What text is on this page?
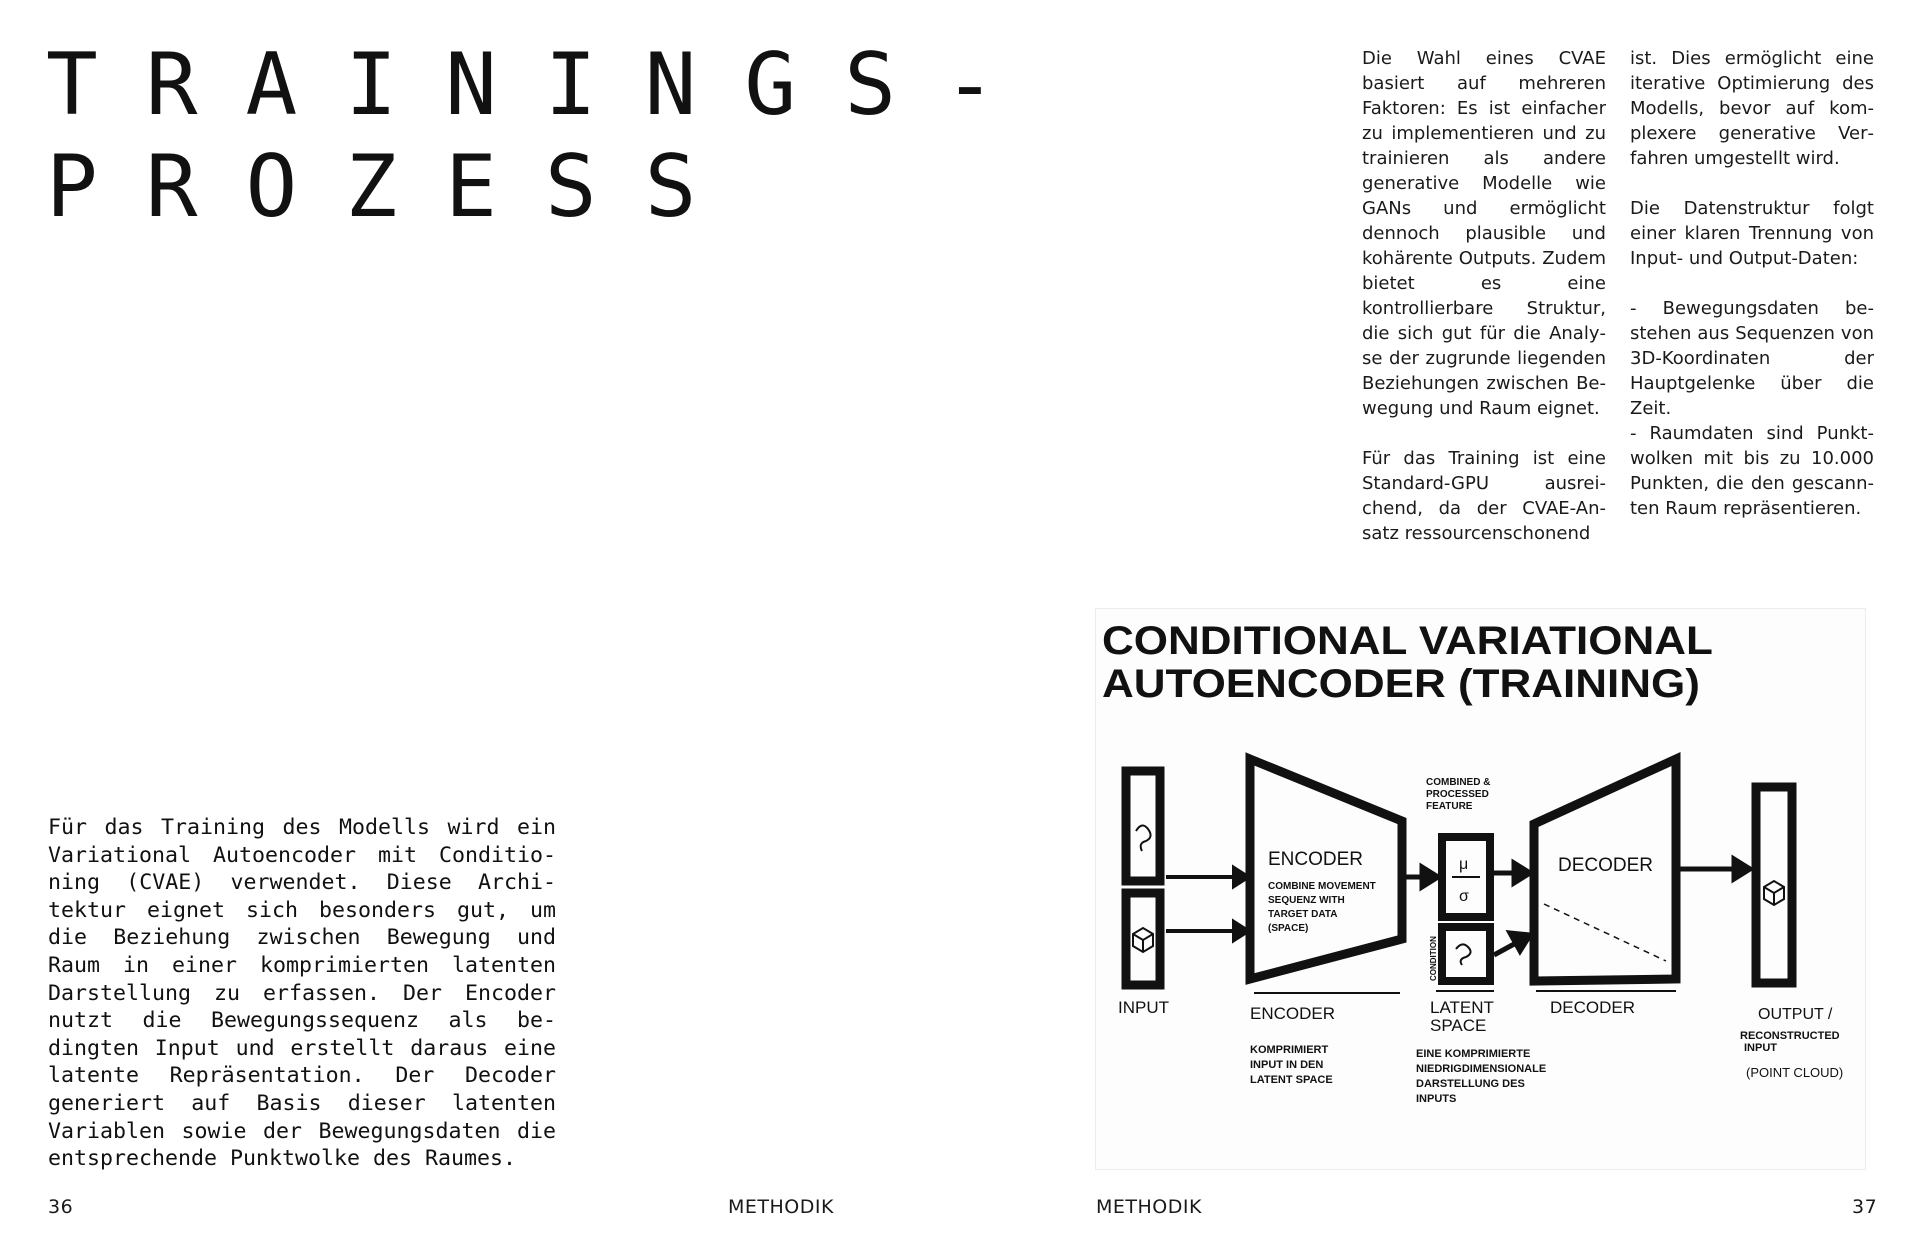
TRAININGS-
PROZESS

Für das Training des Modells wird ein Variational Autoencoder mit Conditioning (CVAE) verwendet. Diese Architektur eignet sich besonders gut, um die Beziehung zwischen Bewegung und Raum in einer komprimierten latenten Darstellung zu erfassen. Der Encoder nutzt die Bewegungssequenz als bedingten Input und erstellt daraus eine latente Repräsentation. Der Decoder generiert auf Basis dieser latenten Variablen sowie der Bewegungsdaten die entsprechende Punktwolke des Raumes.

Die Wahl eines CVAE basiert auf mehreren Faktoren: Es ist einfacher zu implementieren und zu trainieren als andere generative Modelle wie GANs und ermöglicht dennoch plausible und kohärente Outputs. Zudem bietet es eine kontrollierbare Struktur, die sich gut für die Analyse der zugrunde liegenden Beziehungen zwischen Bewegung und Raum eignet.

Für das Training ist eine Standard-GPU ausreichend, da der CVAE-Ansatz ressourcenschonend

ist. Dies ermöglicht eine iterative Optimierung des Modells, bevor auf komplexere generative Verfahren umgestellt wird.

Die Datenstruktur folgt einer klaren Trennung von Input- und Output-Daten:

- Bewegungsdaten bestehen aus Sequenzen von 3D-Koordinaten der Hauptgelenke über die Zeit.

- Raumdaten sind Punktwolken mit bis zu 10.000 Punkten, die den gescannten Raum repräsentieren.

CONDITIONAL VARIATIONAL
AUTOENCODER (TRAINING)
ENCODER
COMBINE MOVEMENT
SEQUENZ WITH
TARGET DATA
(SPACE)
COMBINED &
PROCESSED
FEATURE
μ
σ
CONDITION
DECODER
INPUT	ENCODER	LATENT
SPACE
DECODER	OUTPUT /
RECONSTRUCTED
INPUT
(POINT CLOUD)
KOMPRIMIERT
INPUT IN DEN
LATENT SPACE
EINE KOMPRIMIERTE
NIEDRIGDIMENSIONALE
DARSTELLUNG DES
INPUTS
36	METHODIK	METHODIK	37
